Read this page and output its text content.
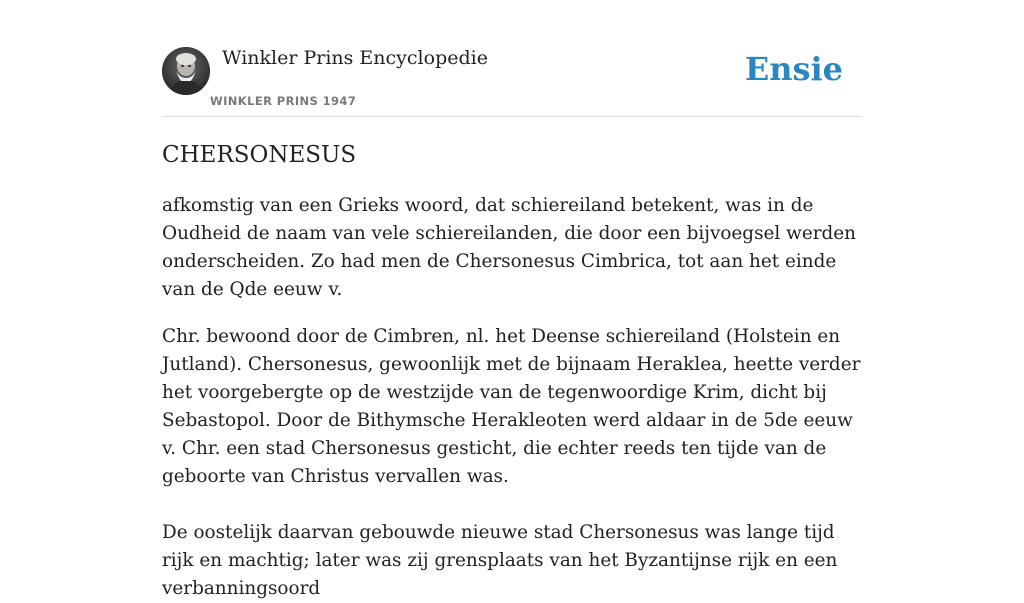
Winkler Prins Encyclopedie
WINKLER PRINS 1947
Ensie
CHERSONESUS

afkomstig van een Grieks woord, dat schiereiland betekent, was in de Oudheid de naam van vele schiereilanden, die door een bijvoegsel werden onderscheiden. Zo had men de Chersonesus Cimbrica, tot aan het einde van de Qde eeuw v.

Chr. bewoond door de Cimbren, nl. het Deense schiereiland (Holstein en Jutland). Chersonesus, gewoonlijk met de bijnaam Heraklea, heette verder het voorgebergte op de westzijde van de tegenwoordige Krim, dicht bij Sebastopol. Door de Bithymsche Herakleoten werd aldaar in de 5de eeuw v. Chr. een stad Chersonesus gesticht, die echter reeds ten tijde van de geboorte van Christus vervallen was.

De oostelijk daarvan gebouwde nieuwe stad Chersonesus was lange tijd rijk en machtig; later was zij grensplaats van het Byzantijnse rijk en een verbanningsoord
